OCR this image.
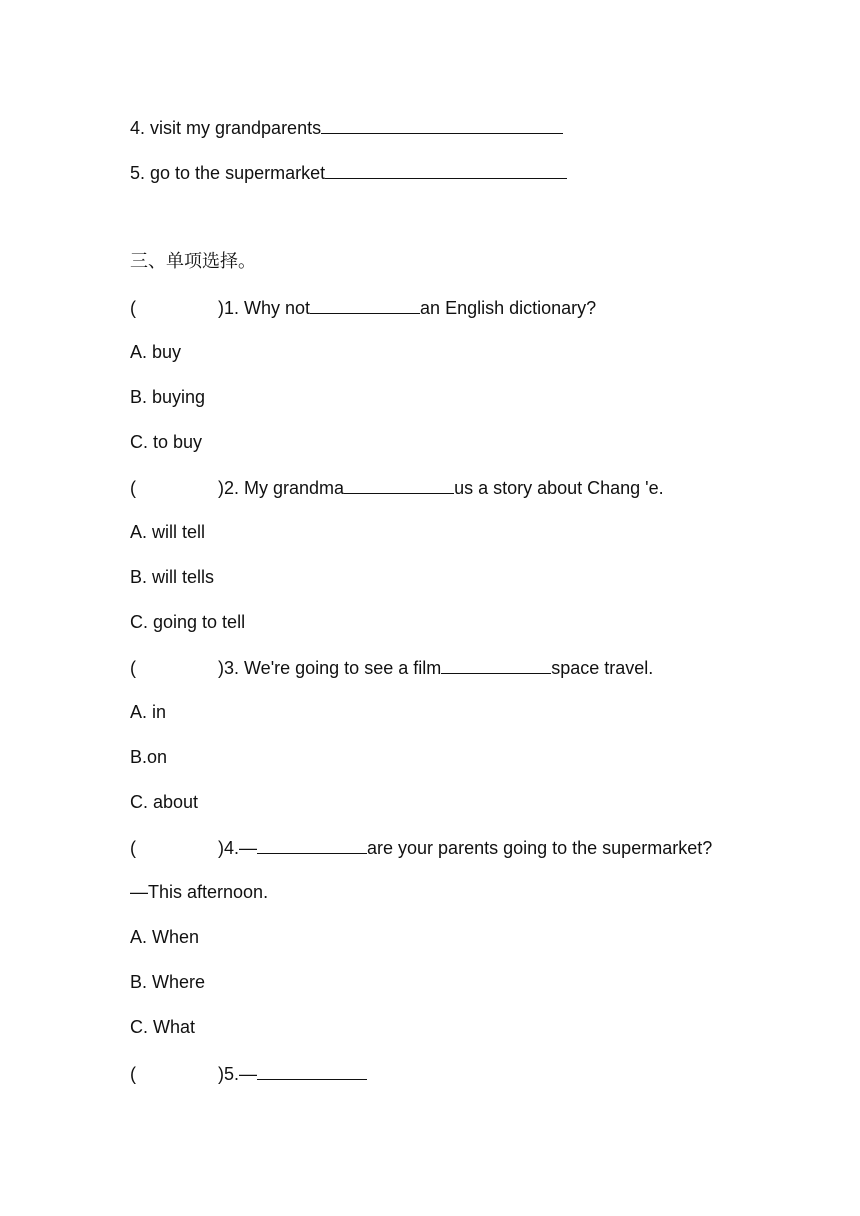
4. visit my grandparents
5. go to the supermarket
三、单项选择。
(	)1. Why not	an English dictionary?
A. buy
B. buying
C. to buy
(	)2. My grandma	us a story about Chang 'e.
A. will tell
B. will tells
C. going to tell
(	)3. We're going to see a film	space travel.
A. in
B.on
C. about
(	)4.—	are your parents going to the supermarket?
—This afternoon.
A. When
B. Where
C. What
(	)5.—
